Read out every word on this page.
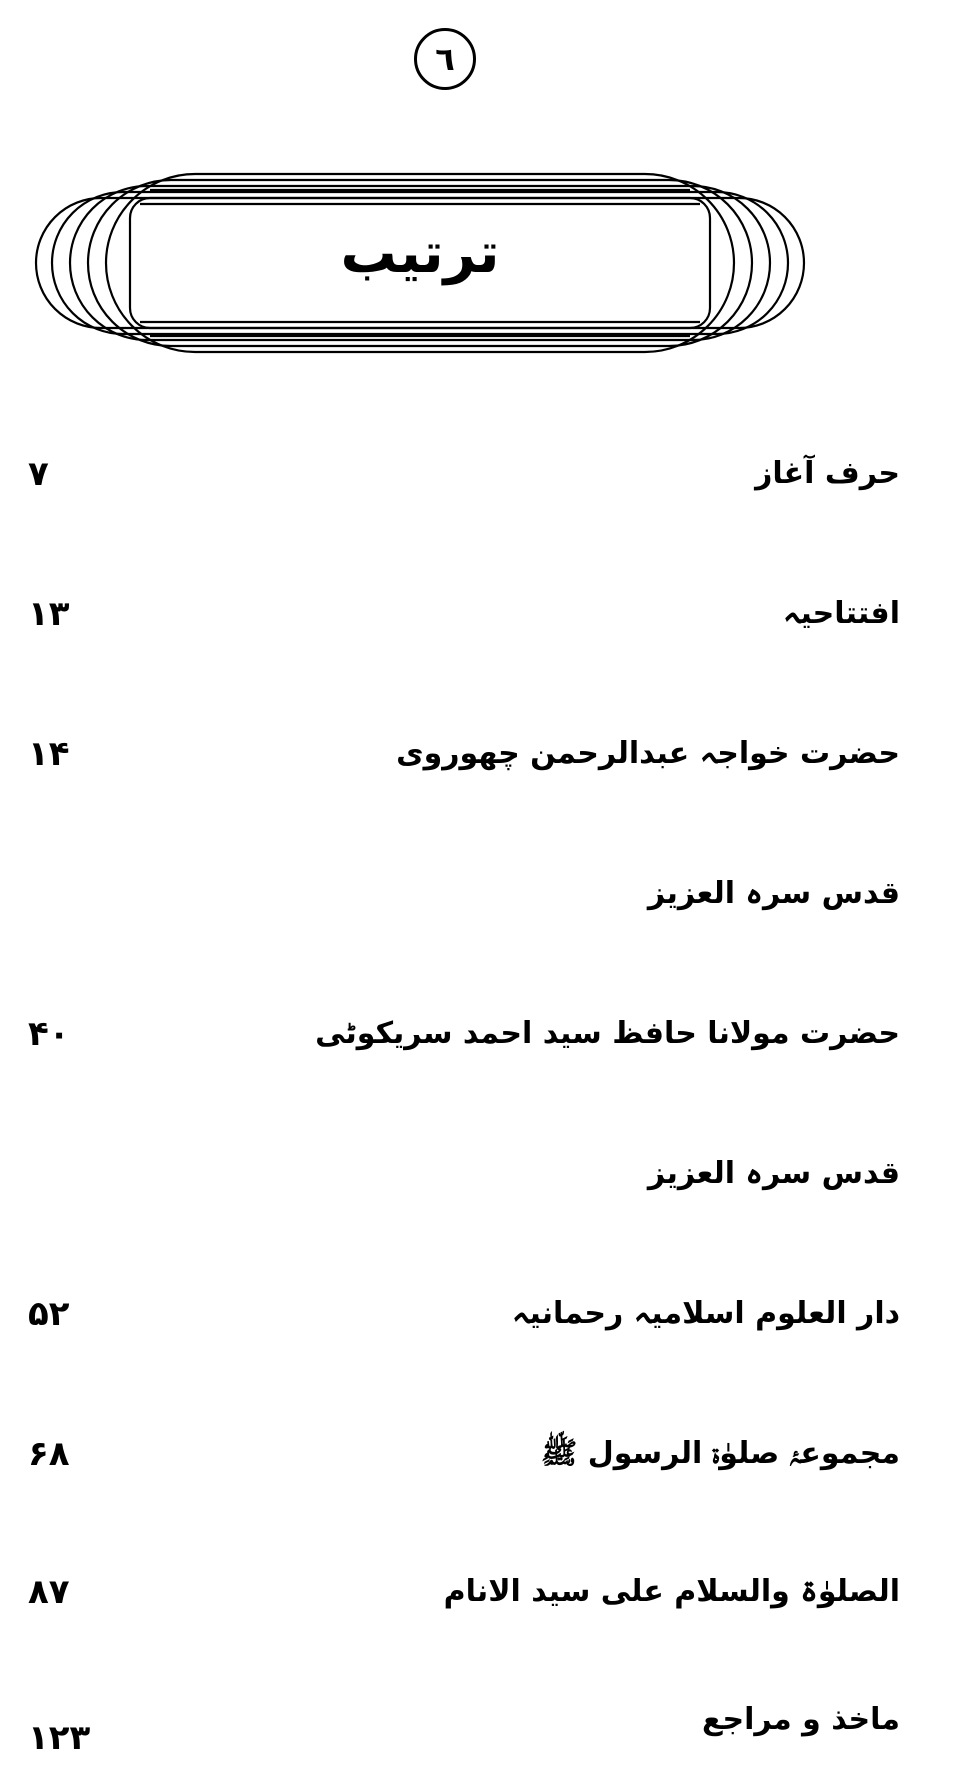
٦
ترتیب
حرف آغاز
۷
افتتاحیہ
۱۳
حضرت خواجہ عبدالرحمن چھوروی
۱۴
قدس سرہ العزیز
حضرت مولانا حافظ سید احمد سریکوٹی
۴۰
قدس سرہ العزیز
دار العلوم اسلامیہ رحمانیہ
۵۲
مجموعۂ صلوٰۃ الرسول ﷺ
۶۸
الصلوٰۃ والسلام علی سید الانام
۸۷
ماخذ و مراجع
۱۲۳
